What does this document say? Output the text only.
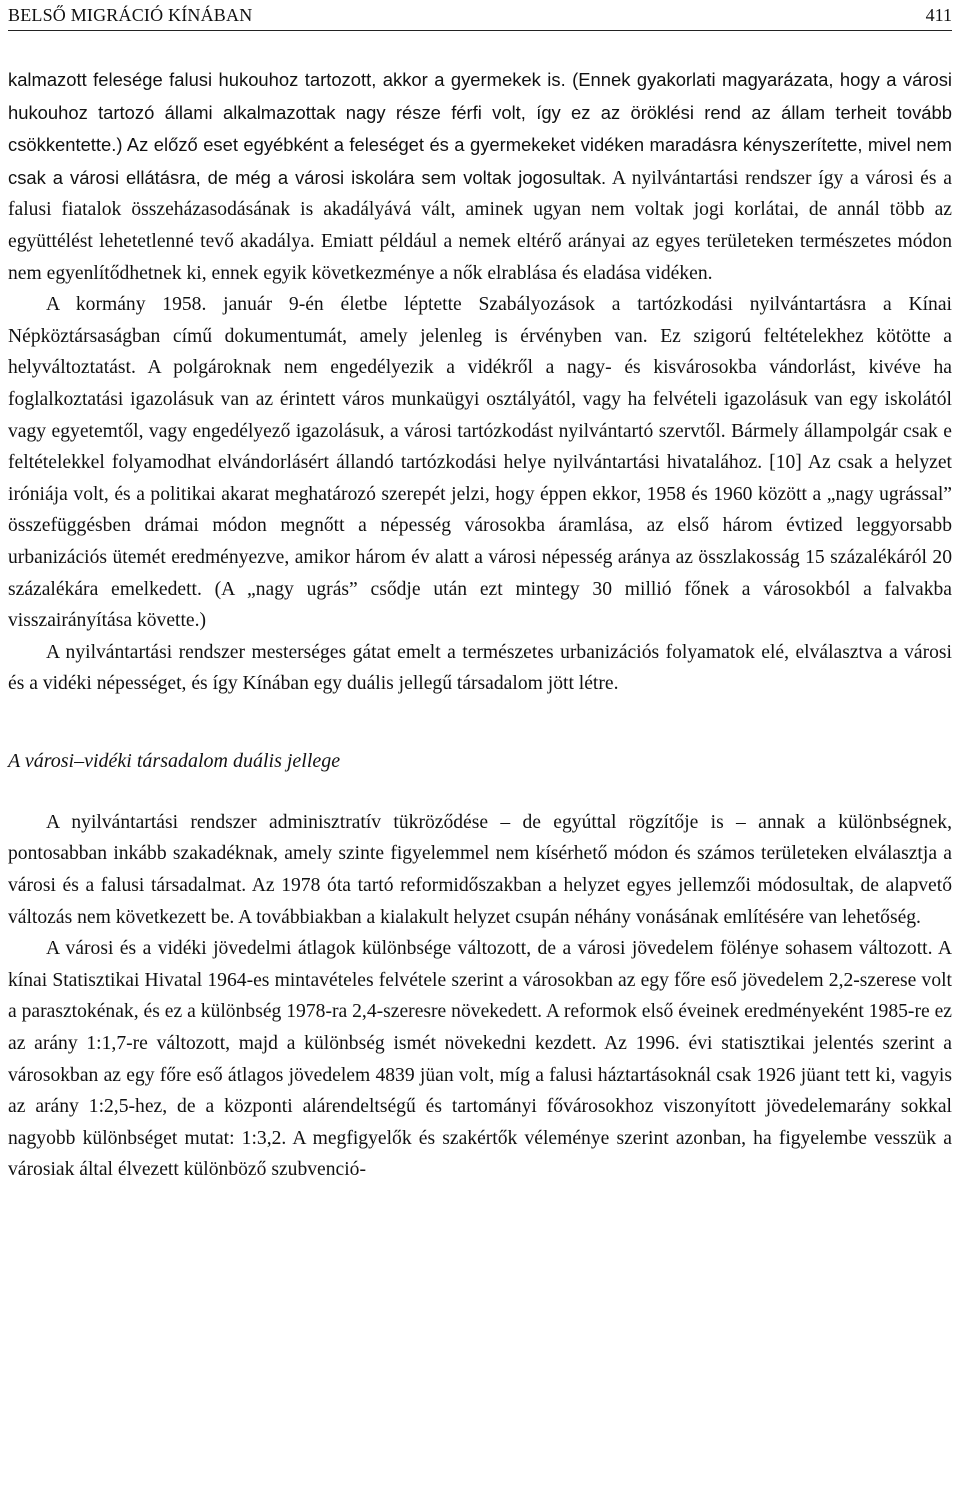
BELSŐ MIGRÁCIÓ KÍNÁBAN	411

kalmazott felesége falusi hukouhoz tartozott, akkor a gyermekek is. (Ennek gyakorlati magyarázata, hogy a városi hukouhoz tartozó állami alkalmazottak nagy része férfi volt, így ez az öröklési rend az állam terheit tovább csökkentette.) Az előző eset egyébként a feleséget és a gyermekeket vidéken maradásra kényszerítette, mivel nem csak a városi ellátásra, de még a városi iskolára sem voltak jogosultak. A nyilvántartási rendszer így a városi és a falusi fiatalok összeházasodásának is akadályává vált, aminek ugyan nem voltak jogi korlátai, de annál több az együttélést lehetetlenné tevő akadálya. Emiatt például a nemek eltérő arányai az egyes területeken természetes módon nem egyenlítődhetnek ki, ennek egyik következménye a nők elrablása és eladása vidéken.

A kormány 1958. január 9-én életbe léptette Szabályozások a tartózkodási nyilvántartásra a Kínai Népköztársaságban című dokumentumát, amely jelenleg is érvényben van. Ez szigorú feltételekhez kötötte a helyváltoztatást. A polgároknak nem engedélyezik a vidékről a nagy- és kisvárosokba vándorlást, kivéve ha foglalkoztatási igazolásuk van az érintett város munkaügyi osztályától, vagy ha felvételi igazolásuk van egy iskolától vagy egyetemtől, vagy engedélyező igazolásuk, a városi tartózkodást nyilvántartó szervtől. Bármely állampolgár csak e feltételekkel folyamodhat elvándorlásért állandó tartózkodási helye nyilvántartási hivatalához. [10] Az csak a helyzet iróniája volt, és a politikai akarat meghatározó szerepét jelzi, hogy éppen ekkor, 1958 és 1960 között a „nagy ugrással” összefüggésben drámai módon megnőtt a népesség városokba áramlása, az első három évtized leggyorsabb urbanizációs ütemét eredményezve, amikor három év alatt a városi népesség aránya az összlakosság 15 százalékáról 20 százalékára emelkedett. (A „nagy ugrás” csődje után ezt mintegy 30 millió főnek a városokból a falvakba visszairányítása követte.)

A nyilvántartási rendszer mesterséges gátat emelt a természetes urbanizációs folyamatok elé, elválasztva a városi és a vidéki népességet, és így Kínában egy duális jellegű társadalom jött létre.

A városi–vidéki társadalom duális jellege

A nyilvántartási rendszer adminisztratív tükröződése – de egyúttal rögzítője is – annak a különbségnek, pontosabban inkább szakadéknak, amely szinte figyelemmel nem kísérhető módon és számos területeken elválasztja a városi és a falusi társadalmat. Az 1978 óta tartó reformidőszakban a helyzet egyes jellemzői módosultak, de alapvető változás nem következett be. A továbbiakban a kialakult helyzet csupán néhány vonásának említésére van lehetőség.

A városi és a vidéki jövedelmi átlagok különbsége változott, de a városi jövedelem fölénye sohasem változott. A kínai Statisztikai Hivatal 1964-es mintavételes felvétele szerint a városokban az egy főre eső jövedelem 2,2-szerese volt a parasztokénak, és ez a különbség 1978-ra 2,4-szeresre növekedett. A reformok első éveinek eredményeként 1985-re ez az arány 1:1,7-re változott, majd a különbség ismét növekedni kezdett. Az 1996. évi statisztikai jelentés szerint a városokban az egy főre eső átlagos jövedelem 4839 jüan volt, míg a falusi háztartásoknál csak 1926 jüant tett ki, vagyis az arány 1:2,5-hez, de a központi alárendeltségű és tartományi fővárosokhoz viszonyított jövedelemarány sokkal nagyobb különbséget mutat: 1:3,2. A megfigyelők és szakértők véleménye szerint azonban, ha figyelembe vesszük a városiak által élvezett különböző szubvenció-
